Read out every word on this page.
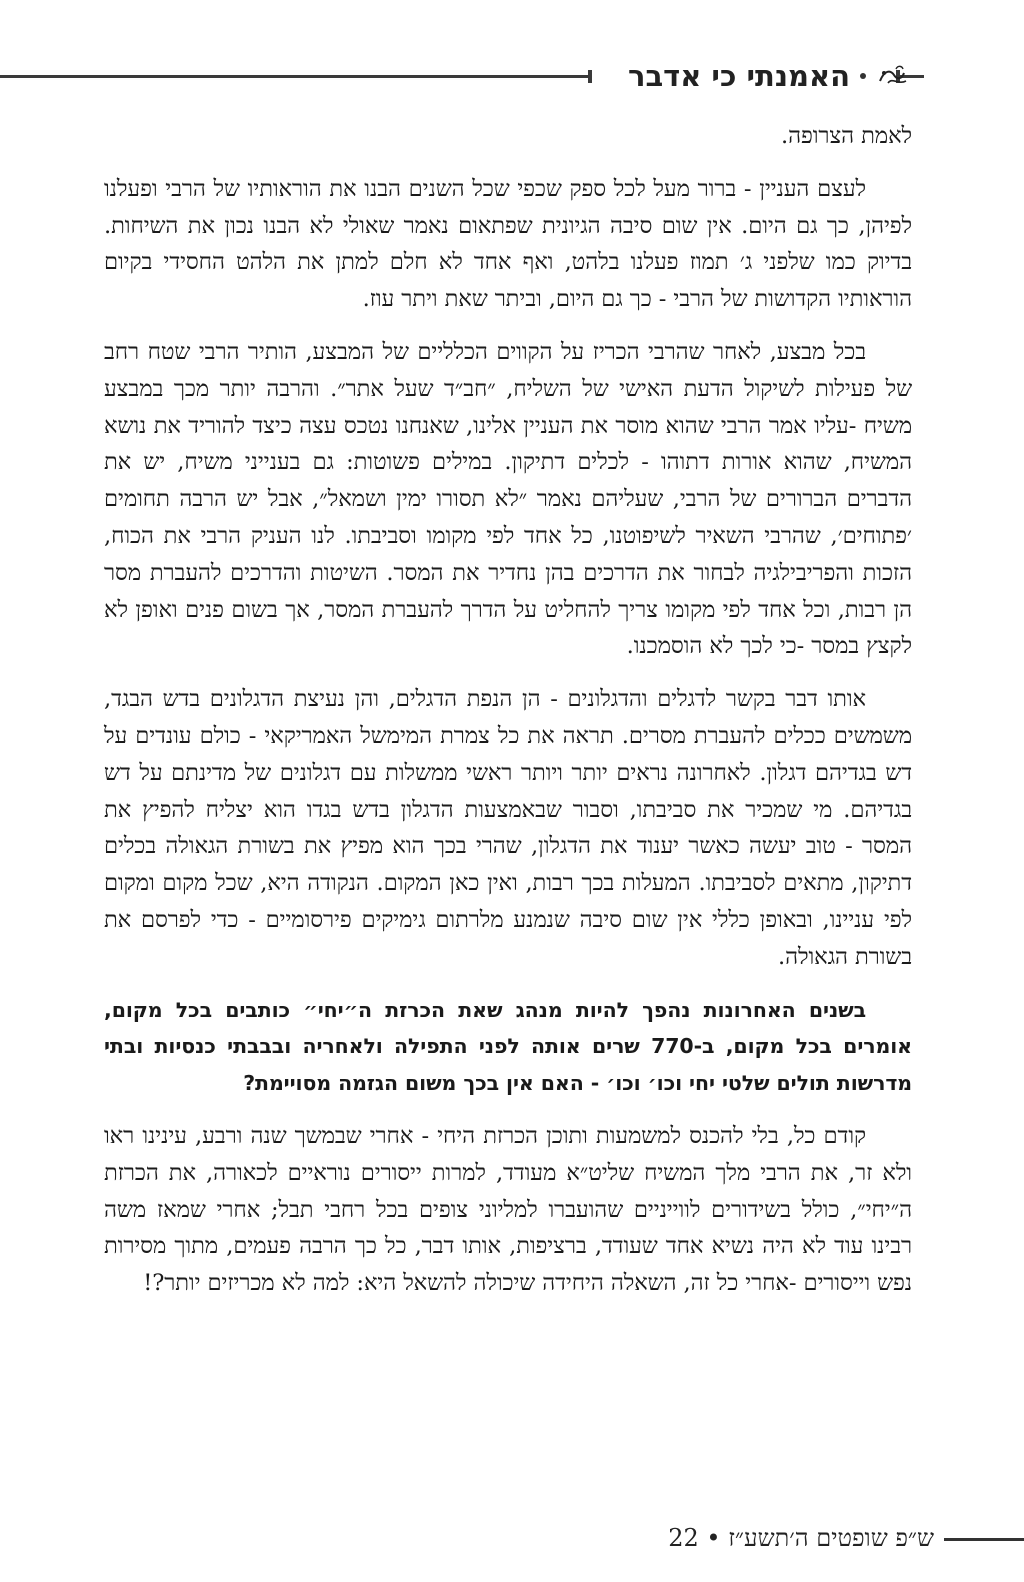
האמנתי כי אדבר

לאמת הצרופה.

לעצם העניין - ברור מעל לכל ספק שכפי שכל השנים הבנו את הוראותיו של הרבי ופעלנו לפיהן, כך גם היום. אין שום סיבה הגיונית שפתאום נאמר שאולי לא הבנו נכון את השיחות. בדיוק כמו שלפני ג׳ תמוז פעלנו בלהט, ואף אחד לא חלם למתן את הלהט החסידי בקיום הוראותיו הקדושות של הרבי - כך גם היום, וביתר שאת ויתר עוז.

בכל מבצע, לאחר שהרבי הכריז על הקווים הכלליים של המבצע, הותיר הרבי שטח רחב של פעילות לשיקול הדעת האישי של השליח, ״חב״ד שעל אתר״. והרבה יותר מכך במבצע משיח -עליו אמר הרבי שהוא מוסר את העניין אלינו, שאנחנו נטכס עצה כיצד להוריד את נושא המשיח, שהוא אורות דתוהו - לכלים דתיקון. במילים פשוטות: גם בענייני משיח, יש את הדברים הברורים של הרבי, שעליהם נאמר ״לא תסורו ימין ושמאל״, אבל יש הרבה תחומים ׳פתוחים׳, שהרבי השאיר לשיפוטנו, כל אחד לפי מקומו וסביבתו. לנו העניק הרבי את הכוח, הזכות והפריבילגיה לבחור את הדרכים בהן נחדיר את המסר. השיטות והדרכים להעברת מסר הן רבות, וכל אחד לפי מקומו צריך להחליט על הדרך להעברת המסר, אך בשום פנים ואופן לא לקצץ במסר -כי לכך לא הוסמכנו.

אותו דבר בקשר לדגלים והדגלונים - הן הנפת הדגלים, והן נעיצת הדגלונים בדש הבגד, משמשים ככלים להעברת מסרים. תראה את כל צמרת המימשל האמריקאי - כולם עונדים על דש בגדיהם דגלון. לאחרונה נראים יותר ויותר ראשי ממשלות עם דגלונים של מדינתם על דש בגדיהם. מי שמכיר את סביבתו, וסבור שבאמצעות הדגלון בדש בגדו הוא יצליח להפיץ את המסר - טוב יעשה כאשר יענוד את הדגלון, שהרי בכך הוא מפיץ את בשורת הגאולה בכלים דתיקון, מתאים לסביבתו. המעלות בכך רבות, ואין כאן המקום. הנקודה היא, שכל מקום ומקום לפי עניינו, ובאופן כללי אין שום סיבה שנמנע מלרתום גימיקים פירסומיים - כדי לפרסם את בשורת הגאולה.

בשנים האחרונות נהפך להיות מנהג שאת הכרזת ה״יחי״ כותבים בכל מקום, אומרים בכל מקום, ב-770 שרים אותה לפני התפילה ולאחריה ובבבתי כנסיות ובתי מדרשות תולים שלטי יחי וכו׳ וכו׳ - האם אין בכך משום הגזמה מסויימת?

קודם כל, בלי להכנס למשמעות ותוכן הכרזת היחי - אחרי שבמשך שנה ורבע, עינינו ראו ולא זר, את הרבי מלך המשיח שליט״א מעודד, למרות ייסורים נוראיים לכאורה, את הכרזת ה״יחי״, כולל בשידורים לווייניים שהועברו למליוני צופים בכל רחבי תבל; אחרי שמאז משה רבינו עוד לא היה נשיא אחד שעודד, ברציפות, אותו דבר, כל כך הרבה פעמים, מתוך מסירות נפש וייסורים -אחרי כל זה, השאלה היחידה שיכולה להשאל היא: למה לא מכריזים יותר?!

ש״פ שופטים ה׳תשע״ז • 22
